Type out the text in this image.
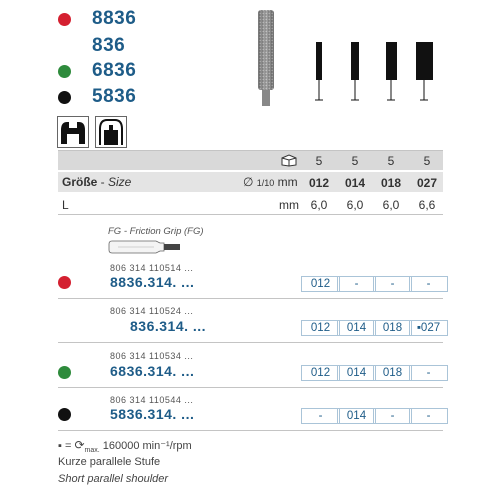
8836
836
6836
5836
5	5	5	5
Größe - Size	∅ 1/10 mm 012	014	018	027
L	mm 6,0	6,0	6,0	6,6
FG - Friction Grip (FG)
806 314 110514 ...
8836.314. ...	012	-	-	-
806 314 110524 ...
836.314. ...	012	014	018	▪027
806 314 110534 ...
6836.314. ...	012	014	018	-
806 314 110544 ...
5836.314. ...	-	014	-	-
▪ = $⟳_{max.}$ 160000 min⁻¹/rpm
Kurze parallele Stufe
Short parallel shoulder
